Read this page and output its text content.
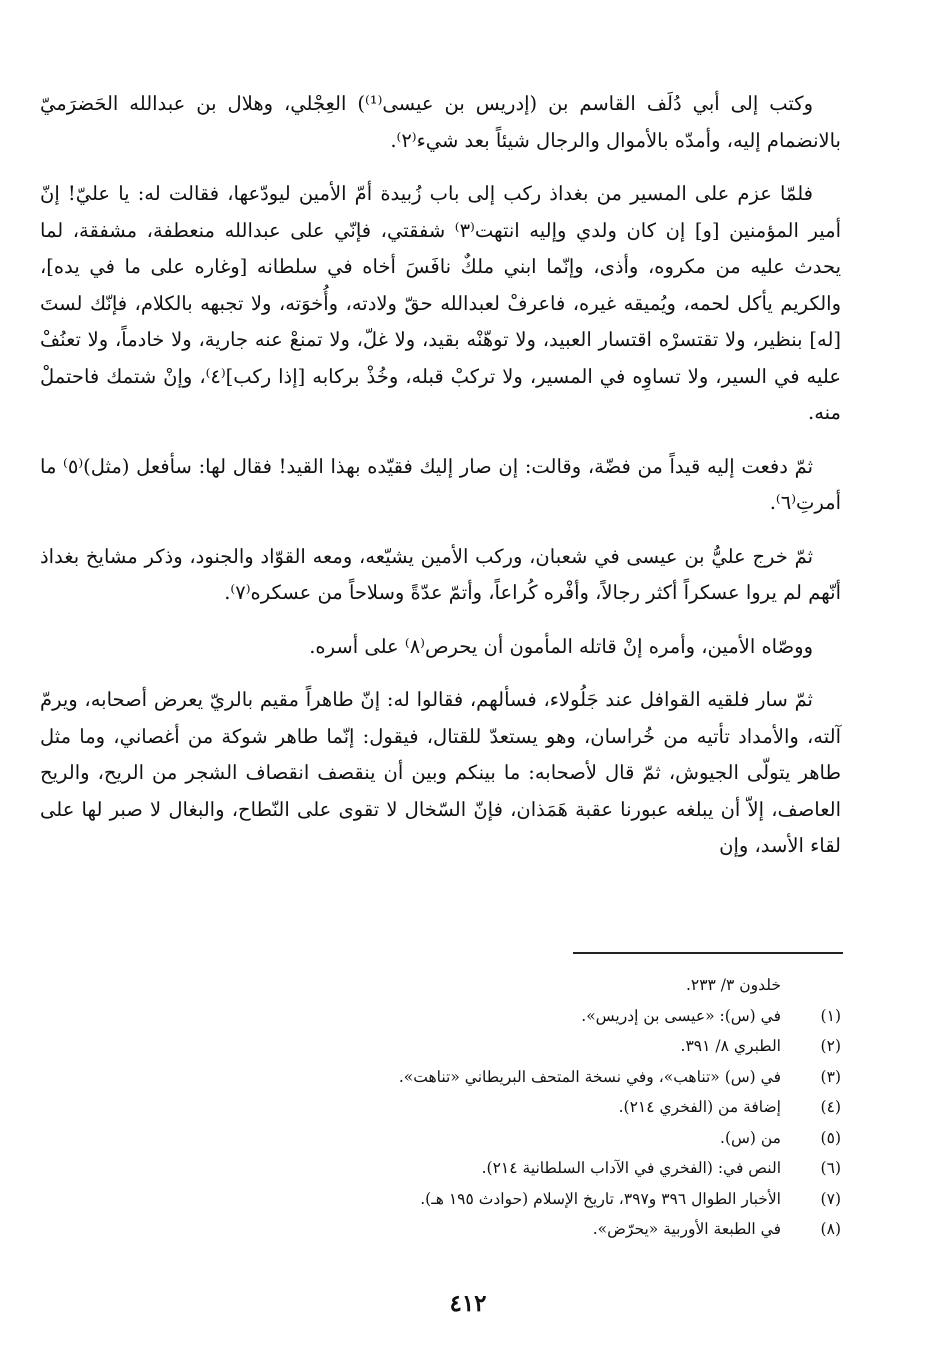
وكتب إلى أبي دُلَف القاسم بن (إدريس بن عيسى⁽¹⁾) العِجْلي، وهلال بن عبدالله الحَضرَميّ بالانضمام إليه، وأمدّه بالأموال والرجال شيئاً بعد شيء⁽٢⁾.

فلمّا عزم على المسير من بغداذ ركب إلى باب زُبيدة أمّ الأمين ليودّعها، فقالت له: يا عليّ! إنّ أمير المؤمنين [و] إن كان ولدي وإليه انتهت⁽٣⁾ شفقتي، فإنّي على عبدالله منعطفة، مشفقة، لما يحدث عليه من مكروه، وأذى، وإنّما ابني ملكٌ نافَسَ أخاه في سلطانه [وغاره على ما في يده]، والكريم يأكل لحمه، ويُميقه غيره، فاعرفْ لعبدالله حقّ ولادته، وأُخوَته، ولا تجبهه بالكلام، فإنّك لستَ [له] بنظير، ولا تقتسرْه اقتسار العبيد، ولا توهّنْه بقيد، ولا غلّ، ولا تمنعْ عنه جارية، ولا خادماً، ولا تعنُفْ عليه في السير، ولا تساوِه في المسير، ولا تركبْ قبله، وخُذْ بركابه [إذا ركب]⁽٤⁾، وإنْ شتمك فاحتملْ منه.

ثمّ دفعت إليه قيداً من فضّة، وقالت: إن صار إليك فقيّده بهذا القيد! فقال لها: سأفعل (مثل)⁽٥⁾ ما أمرتِ⁽٦⁾.

ثمّ خرج عليُّ بن عيسى في شعبان، وركب الأمين يشيّعه، ومعه القوّاد والجنود، وذكر مشايخ بغداذ أنّهم لم يروا عسكراً أكثر رجالاً، وأفْره كُراعاً، وأتمّ عدّةً وسلاحاً من عسكره⁽٧⁾.

ووصّاه الأمين، وأمره إنْ قاتله المأمون أن يحرص⁽٨⁾ على أسره.

ثمّ سار فلقيه القوافل عند جَلُولاء، فسألهم، فقالوا له: إنّ طاهراً مقيم بالريّ يعرض أصحابه، ويرمّ آلته، والأمداد تأتيه من خُراسان، وهو يستعدّ للقتال، فيقول: إنّما طاهر شوكة من أغصاني، وما مثل طاهر يتولّى الجيوش، ثمّ قال لأصحابه: ما بينكم وبين أن ينقصف انقصاف الشجر من الريح، والريح العاصف، إلاّ أن يبلغه عبورنا عقبة هَمَذان، فإنّ السّخال لا تقوى على النّطاح، والبغال لا صبر لها على لقاء الأسد، وإن

خلدون ٣/ ٢٣٣.
(١)
في (س): «عيسى بن إدريس».
(٢)
الطبري ٨/ ٣٩١.
(٣)
في (س) «تناهب»، وفي نسخة المتحف البريطاني «تناهت».
(٤)
إضافة من (الفخري ٢١٤).
(٥)
من (س).
(٦)
النص في: (الفخري في الآداب السلطانية ٢١٤).
(٧)
الأخبار الطوال ٣٩٦ و٣٩٧، تاريخ الإسلام (حوادث ١٩٥ هـ).
(٨)
في الطبعة الأوربية «يحرّض».
٤١٢
